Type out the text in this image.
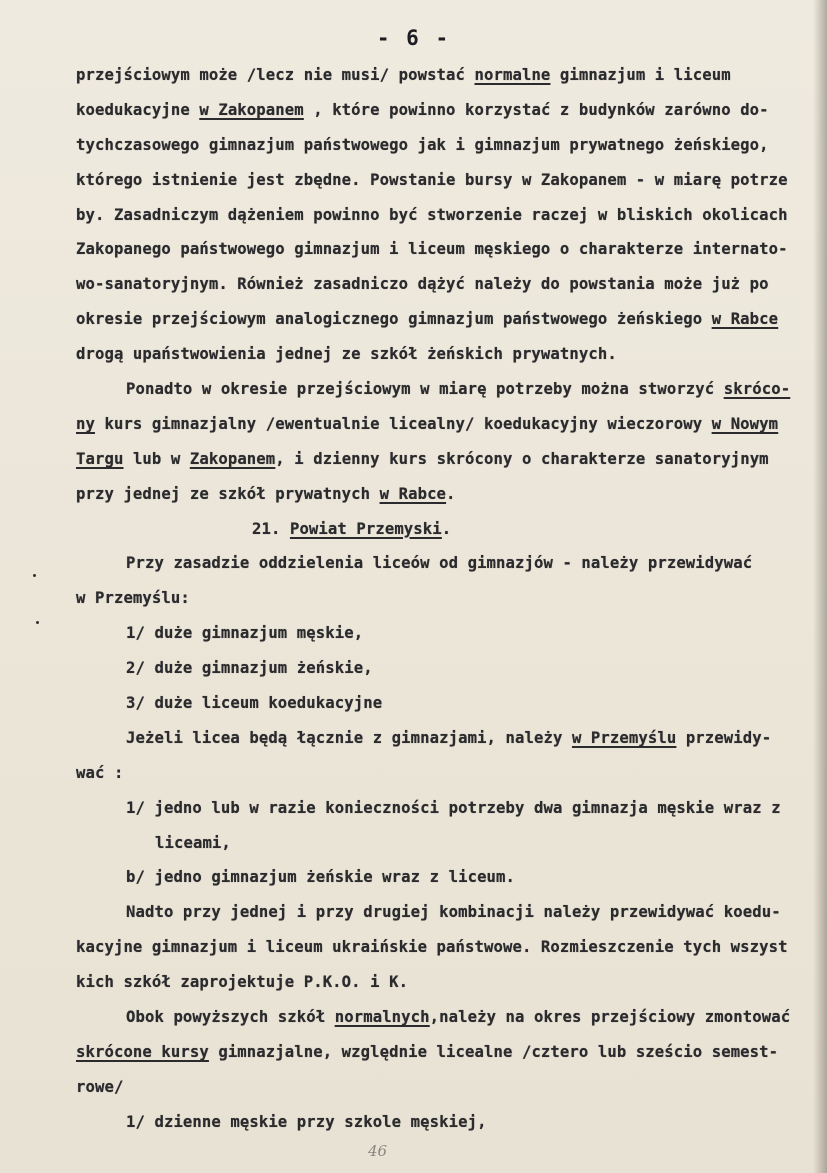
- 6 -
przejściowym może /lecz nie musi/ powstać normalne gimnazjum i liceum
koedukacyjne w Zakopanem , które powinno korzystać z budynków zarówno do-
tychczasowego gimnazjum państwowego jak i gimnazjum prywatnego żeńskiego,
którego istnienie jest zbędne. Powstanie bursy w Zakopanem - w miarę potrze
by. Zasadniczym dążeniem powinno być stworzenie raczej w bliskich okolicach
Zakopanego państwowego gimnazjum i liceum męskiego o charakterze internato-
wo-sanatoryjnym. Również zasadniczo dążyć należy do powstania może już po
okresie przejściowym analogicznego gimnazjum państwowego żeńskiego w Rabce
drogą upaństwowienia jednej ze szkół żeńskich prywatnych.
Ponadto w okresie przejściowym w miarę potrzeby można stworzyć skróco-
ny kurs gimnazjalny /ewentualnie licealny/ koedukacyjny wieczorowy w Nowym
Targu lub w Zakopanem, i dzienny kurs skrócony o charakterze sanatoryjnym
przy jednej ze szkół prywatnych w Rabce.
21. Powiat Przemyski.
Przy zasadzie oddzielenia liceów od gimnazjów - należy przewidywać
w Przemyślu:
1/ duże gimnazjum męskie,
2/ duże gimnazjum żeńskie,
3/ duże liceum koedukacyjne
Jeżeli licea będą łącznie z gimnazjami, należy w Przemyślu przewidy-
wać :
1/ jedno lub w razie konieczności potrzeby dwa gimnazja męskie wraz z
liceami,
b/ jedno gimnazjum żeńskie wraz z liceum.
Nadto przy jednej i przy drugiej kombinacji należy przewidywać koedu-
kacyjne gimnazjum i liceum ukraińskie państwowe. Rozmieszczenie tych wszyst
kich szkół zaprojektuje P.K.O. i K.
Obok powyższych szkół normalnych,należy na okres przejściowy zmontować
skrócone kursy gimnazjalne, względnie licealne /cztero lub sześcio semest-
rowe/
1/ dzienne męskie przy szkole męskiej,
46
